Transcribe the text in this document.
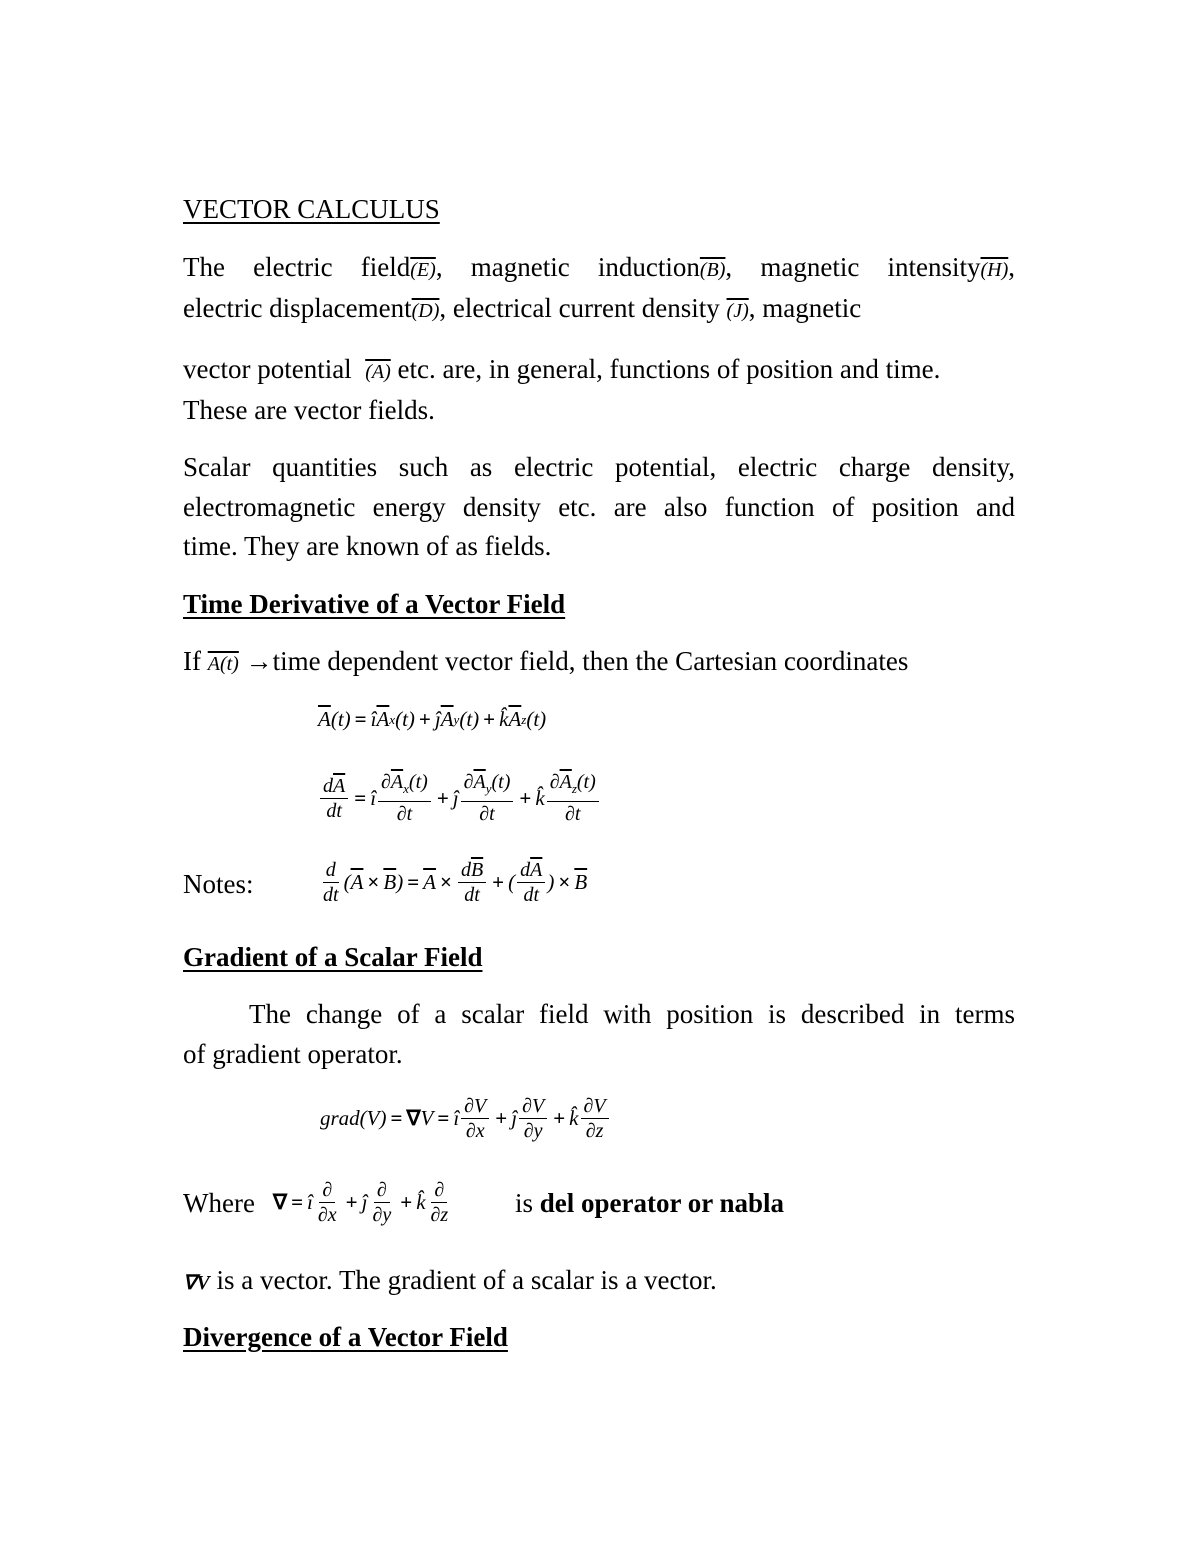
VECTOR CALCULUS
The electric field(E), magnetic induction(B), magnetic intensity(H),
electric displacement(D), electrical current density (J), magnetic
vector potential (A) etc. are, in general, functions of position and time.
These are vector fields.
Scalar quantities such as electric potential, electric charge density,
electromagnetic energy density etc. are also function of position and
time. They are known of as fields.
Time Derivative of a Vector Field
If A(t) →time dependent vector field, then the Cartesian coordinates
$\overline{A}$ (t) = î $\overline{A}$ x (t) + ĵ $\overline{A}$ y (t) + k̂ $\overline{A}$ z (t)
$\frac{d\overline{A}}{dt}$ = î $\frac{\partial\overline{A}_x(t)}{\partial t}$ + ĵ $\frac{\partial\overline{A}_y(t)}{\partial t}$ + k̂ $\frac{\partial\overline{A}_z(t)}{\partial t}$
Notes:	$\frac{d}{dt}$ ( $\overline{A} \times \overline{B}$ ) = $\overline{A} \times \frac{d\overline{B}}{dt}$ + ( $\frac{d\overline{A}}{dt}$ ) × $\overline{B}$
Gradient of a Scalar Field
The change of a scalar field with position is described in terms
of gradient operator.
grad(V) = ∇ V = î $\frac{\partial V}{\partial x}$ + ĵ $\frac{\partial V}{\partial y}$ + k̂ $\frac{\partial V}{\partial z}$
Where ∇ = î $\frac{\partial}{\partial x}$ + ĵ $\frac{\partial}{\partial y}$ + k̂ $\frac{\partial}{\partial z}$ is del operator or nabla
∇V is a vector. The gradient of a scalar is a vector.
Divergence of a Vector Field
